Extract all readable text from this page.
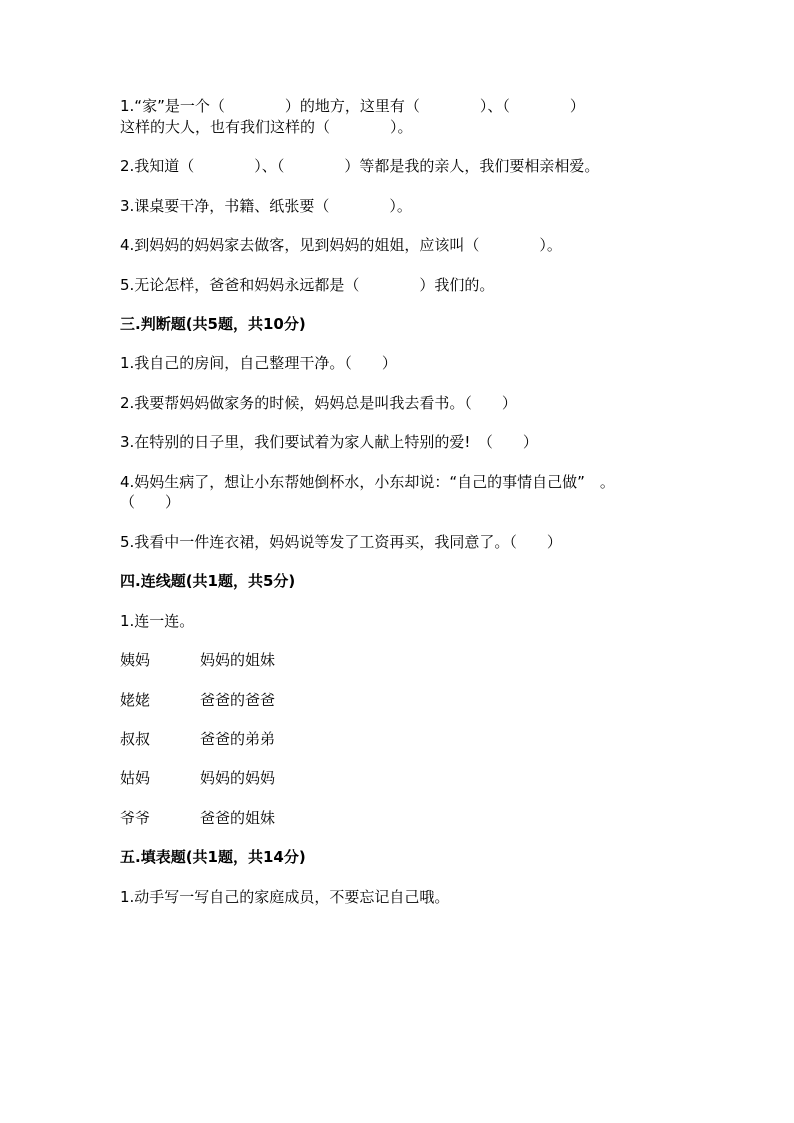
1.“家”是一个（　　　　）的地方，这里有（　　　　）、（　　　　）
这样的大人，也有我们这样的（　　　　）。
2.我知道（　　　　）、（　　　　）等都是我的亲人，我们要相亲相爱。
3.课桌要干净，书籍、纸张要（　　　　）。
4.到妈妈的妈妈家去做客，见到妈妈的姐姐，应该叫（　　　　）。
5.无论怎样，爸爸和妈妈永远都是（　　　　）我们的。
三.判断题(共5题，共10分)
1.我自己的房间，自己整理干净。（　　）
2.我要帮妈妈做家务的时候，妈妈总是叫我去看书。（　　）
3.在特别的日子里，我们要试着为家人献上特别的爱!　（　　）
4.妈妈生病了，想让小东帮她倒杯水，小东却说：“自己的事情自己做”　。
（　　）
5.我看中一件连衣裙，妈妈说等发了工资再买，我同意了。（　　）
四.连线题(共1题，共5分)
1.连一连。
姨妈	妈妈的姐妹
姥姥	爸爸的爸爸
叔叔	爸爸的弟弟
姑妈	妈妈的妈妈
爷爷	爸爸的姐妹
五.填表题(共1题，共14分)
1.动手写一写自己的家庭成员，不要忘记自己哦。
